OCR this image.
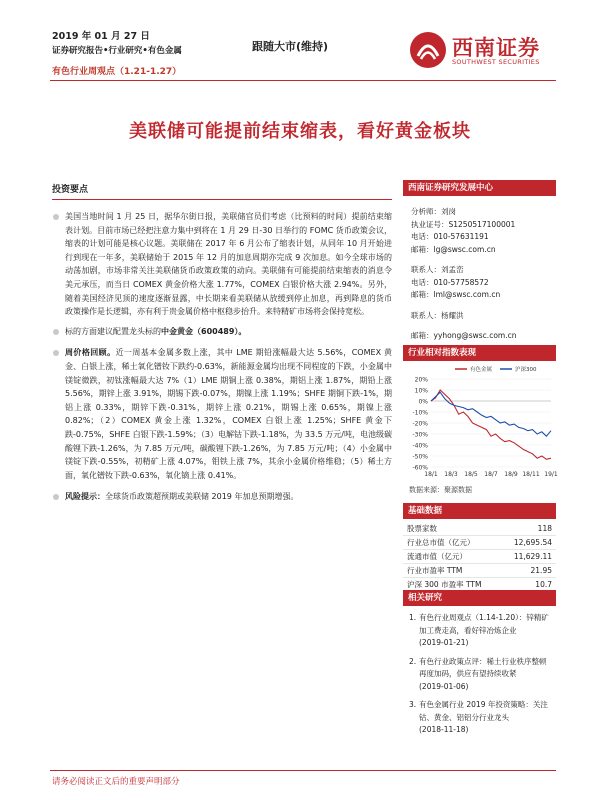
2019 年 01 月 27 日
证券研究报告•行业研究•有色金属
有色行业周观点（1.21-1.27）
跟随大市(维持)	西南证券
SOUTHWEST SECURITIES
美联储可能提前结束缩表，看好黄金板块
投资要点
美国当地时间 1 月 25 日，据华尔街日报，美联储官员们考虑（比预料的时间）提前结束缩表计划。目前市场已经把注意力集中到将在 1 月 29 日-30 日举行的 FOMC 货币政策会议，缩表的计划可能是核心议题。美联储在 2017 年 6 月公布了缩表计划，从同年 10 月开始进行到现在一年多，美联储始于 2015 年 12 月的加息周期亦完成 9 次加息。如今全球市场的动荡加剧，市场非常关注美联储货币政策政策的动向。美联储有可能提前结束缩表的消息令美元承压，而当日 COMEX 黄金价格大涨 1.77%，COMEX 白银价格大涨 2.94%。另外，随着美国经济见顶的速度逐渐显露，中长期来看美联储从放缓到停止加息，再到降息的货币政策操作是长逻辑，亦有利于贵金属价格中枢稳步抬升。来特精矿市场将会保持宽松。
标的方面建议配置龙头标的中金黄金（600489）。
周价格回顾。近一周基本金属多数上涨，其中 LME 期铅涨幅最大达 5.56%，COMEX 黄金、白银上涨，稀土氧化镨钕下跌约-0.63%，新能源金属均出现不同程度的下跌，小金属中镁锭微跌，初钛涨幅最大达 7%（1）LME 期铜上涨 0.38%，期铝上涨 1.87%，期铅上涨 5.56%，期锌上涨 3.91%，期锡下跌-0.07%，期镍上涨 1.19%；SHFE 期铜下跌-1%，期铝上涨 0.33%，期锌下跌-0.31%，期锌上涨 0.21%，期锡上涨 0.65%，期镍上涨 0.82%；（2）COMEX 黄金上涨 1.32%，COMEX 白银上涨 1.25%；SHFE 黄金下跌-0.75%，SHFE 白银下跌-1.59%；（3）电解钴下跌-1.18%，为 33.5 万元/吨，电池级碳酸锂下跌-1.26%，为 7.85 万元/吨，碳酸锂下跌-1.26%，为 7.85 万元/吨；（4）小金属中镁锭下跌-0.55%，初精矿上涨 4.07%，钼铁上涨 7%，其余小金属价格维稳；（5）稀土方面，氧化镨钕下跌-0.63%，氧化镝上涨 0.41%。
风险提示：全球货币政策超预期或美联储 2019 年加息预期增强。
西南证券研究发展中心
分析师：刘岗
执业证号：S1250517100001
电话：010-57631191
邮箱：lg@swsc.com.cn
联系人：刘孟峦
电话：010-57758572
邮箱：lml@swsc.com.cn
联系人：杨耀洪
邮箱：yyhong@swsc.com.cn
行业相对指数表现
20%
10%
0%
-10%
-20%
-30%
-40%
-50%
-60%
18/1 18/3 18/5 18/7 18/9 18/11 19/1
有色金属	沪深300
数据来源：聚源数据
基础数据
股票家数	118
行业总市值（亿元）	12,695.54
流通市值（亿元）	11,629.11
行业市盈率 TTM	21.95
沪深 300 市盈率 TTM	10.7
相关研究
1. 有色行业周观点（1.14-1.20）：锌精矿加工费走高，看好锌冶炼企业
(2019-01-21)
2. 有色行业政策点评：稀土行业秩序整顿再度加码，供应有望持续收紧
(2019-01-06)
3. 有色金属行业 2019 年投资策略：关注钴、黄金、铝铝分行业龙头
(2018-11-18)
请务必阅读正文后的重要声明部分
